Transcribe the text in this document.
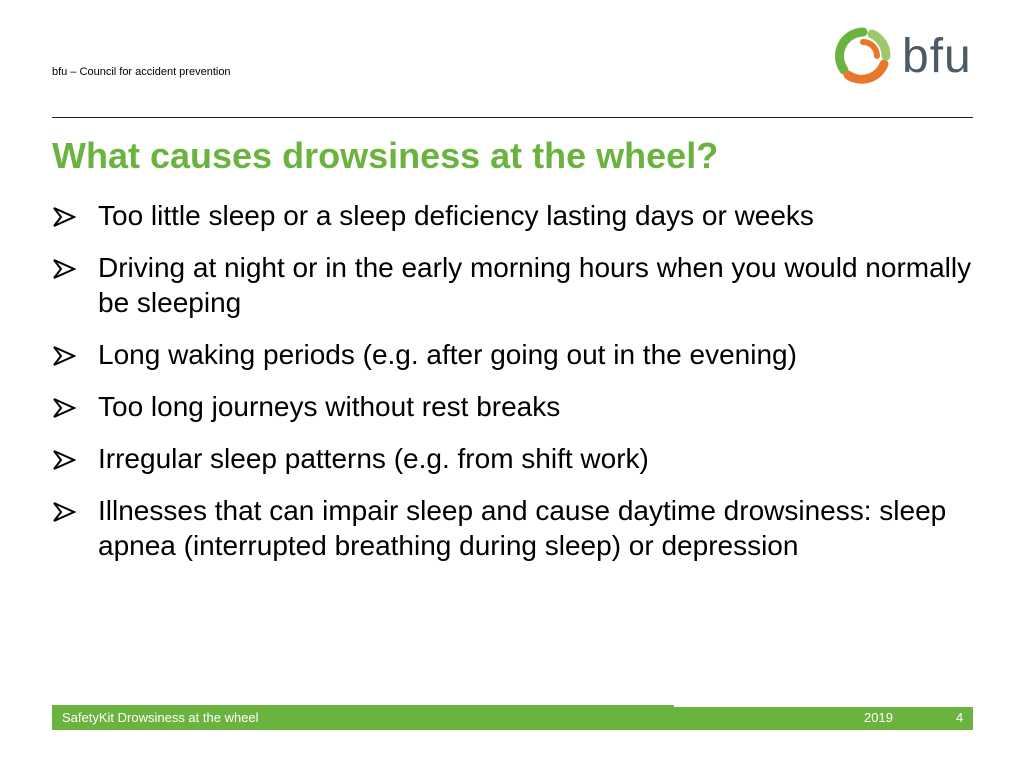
bfu – Council for accident prevention	bfu
What causes drowsiness at the wheel?
Too little sleep or a sleep deficiency lasting days or weeks
Driving at night or in the early morning hours when you would normally be sleeping
Long waking periods (e.g. after going out in the evening)
Too long journeys without rest breaks
Irregular sleep patterns (e.g. from shift work)
Illnesses that can impair sleep and cause daytime drowsiness: sleep apnea (interrupted breathing during sleep) or depression
SafetyKit Drowsiness at the wheel	2019	4
